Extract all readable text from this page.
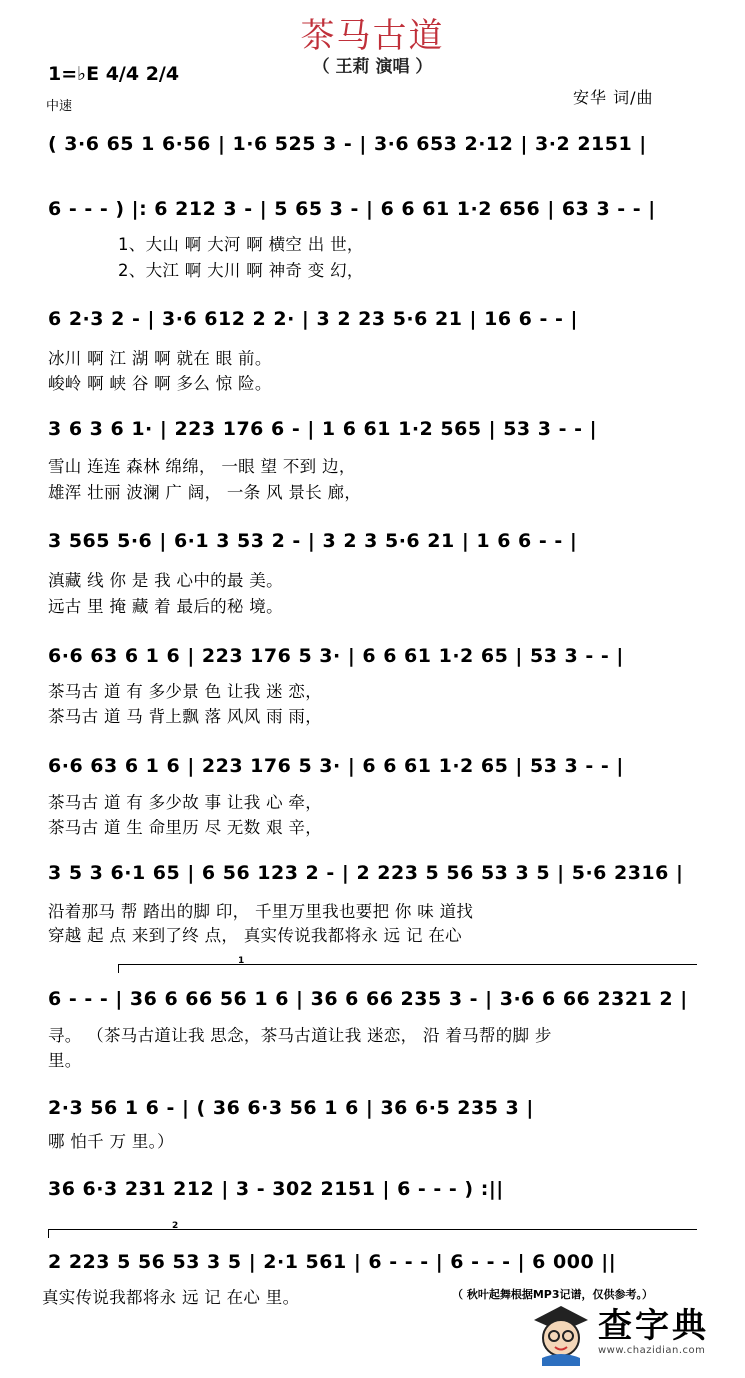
茶马古道
（ 王莉 演唱 ）
1=♭E 4/4 2/4
中速	安华 词/曲
( 3·6 65 1 6·56 | 1·6 525 3 - | 3·6 653 2·12 | 3·2 2151 |
6 - - - ) |: 6 212 3 - | 5 65 3 - | 6 6 61 1·2 656 | 63 3 - - |
1、大山 啊 大河 啊 横空 出 世，
2、大江 啊 大川 啊 神奇 变 幻，
6 2·3 2 - | 3·6 612 2 2· | 3 2 23 5·6 21 | 16 6 - - |
冰川 啊 江 湖 啊 就在 眼 前。
峻岭 啊 峡 谷 啊 多么 惊 险。
3 6 3 6 1· | 223 176 6 - | 1 6 61 1·2 565 | 53 3 - - |
雪山 连连 森林 绵绵， 一眼 望 不到 边，
雄浑 壮丽 波澜 广 阔， 一条 风 景长 廊，
3 565 5·6 | 6·1 3 53 2 - | 3 2 3 5·6 21 | 1 6 6 - - |
滇藏 线 你 是 我 心中的最 美。
远古 里 掩 藏 着 最后的秘 境。
6·6 63 6 1 6 | 223 176 5 3· | 6 6 61 1·2 65 | 53 3 - - |
茶马古 道 有 多少景 色 让我 迷 恋，
茶马古 道 马 背上飘 落 风风 雨 雨，
6·6 63 6 1 6 | 223 176 5 3· | 6 6 61 1·2 65 | 53 3 - - |
茶马古 道 有 多少故 事 让我 心 牵，
茶马古 道 生 命里历 尽 无数 艰 辛，
3 5 3 6·1 65 | 6 56 123 2 - | 2 223 5 56 53 3 5 | 5·6 2316 |
沿着那马 帮 踏出的脚 印， 千里万里我也要把 你 味 道找
穿越 起 点 来到了终 点， 真实传说我都将永 远 记 在心
1
6 - - - | 36 6 66 56 1 6 | 36 6 66 235 3 - | 3·6 6 66 2321 2 |
寻。 （茶马古道让我 思念，茶马古道让我 迷恋， 沿 着马帮的脚 步
里。
2·3 56 1 6 - | ( 36 6·3 56 1 6 | 36 6·5 235 3 |
哪 怕千 万 里。）
36 6·3 231 212 | 3 - 302 2151 | 6 - - - ) :||
2
2 223 5 56 53 3 5 | 2·1 561 | 6 - - - | 6 - - - | 6 000 ||
真实传说我都将永 远 记 在心 里。	（ 秋叶起舞根据MP3记谱，仅供参考。）
查字典
www.chazidian.com
